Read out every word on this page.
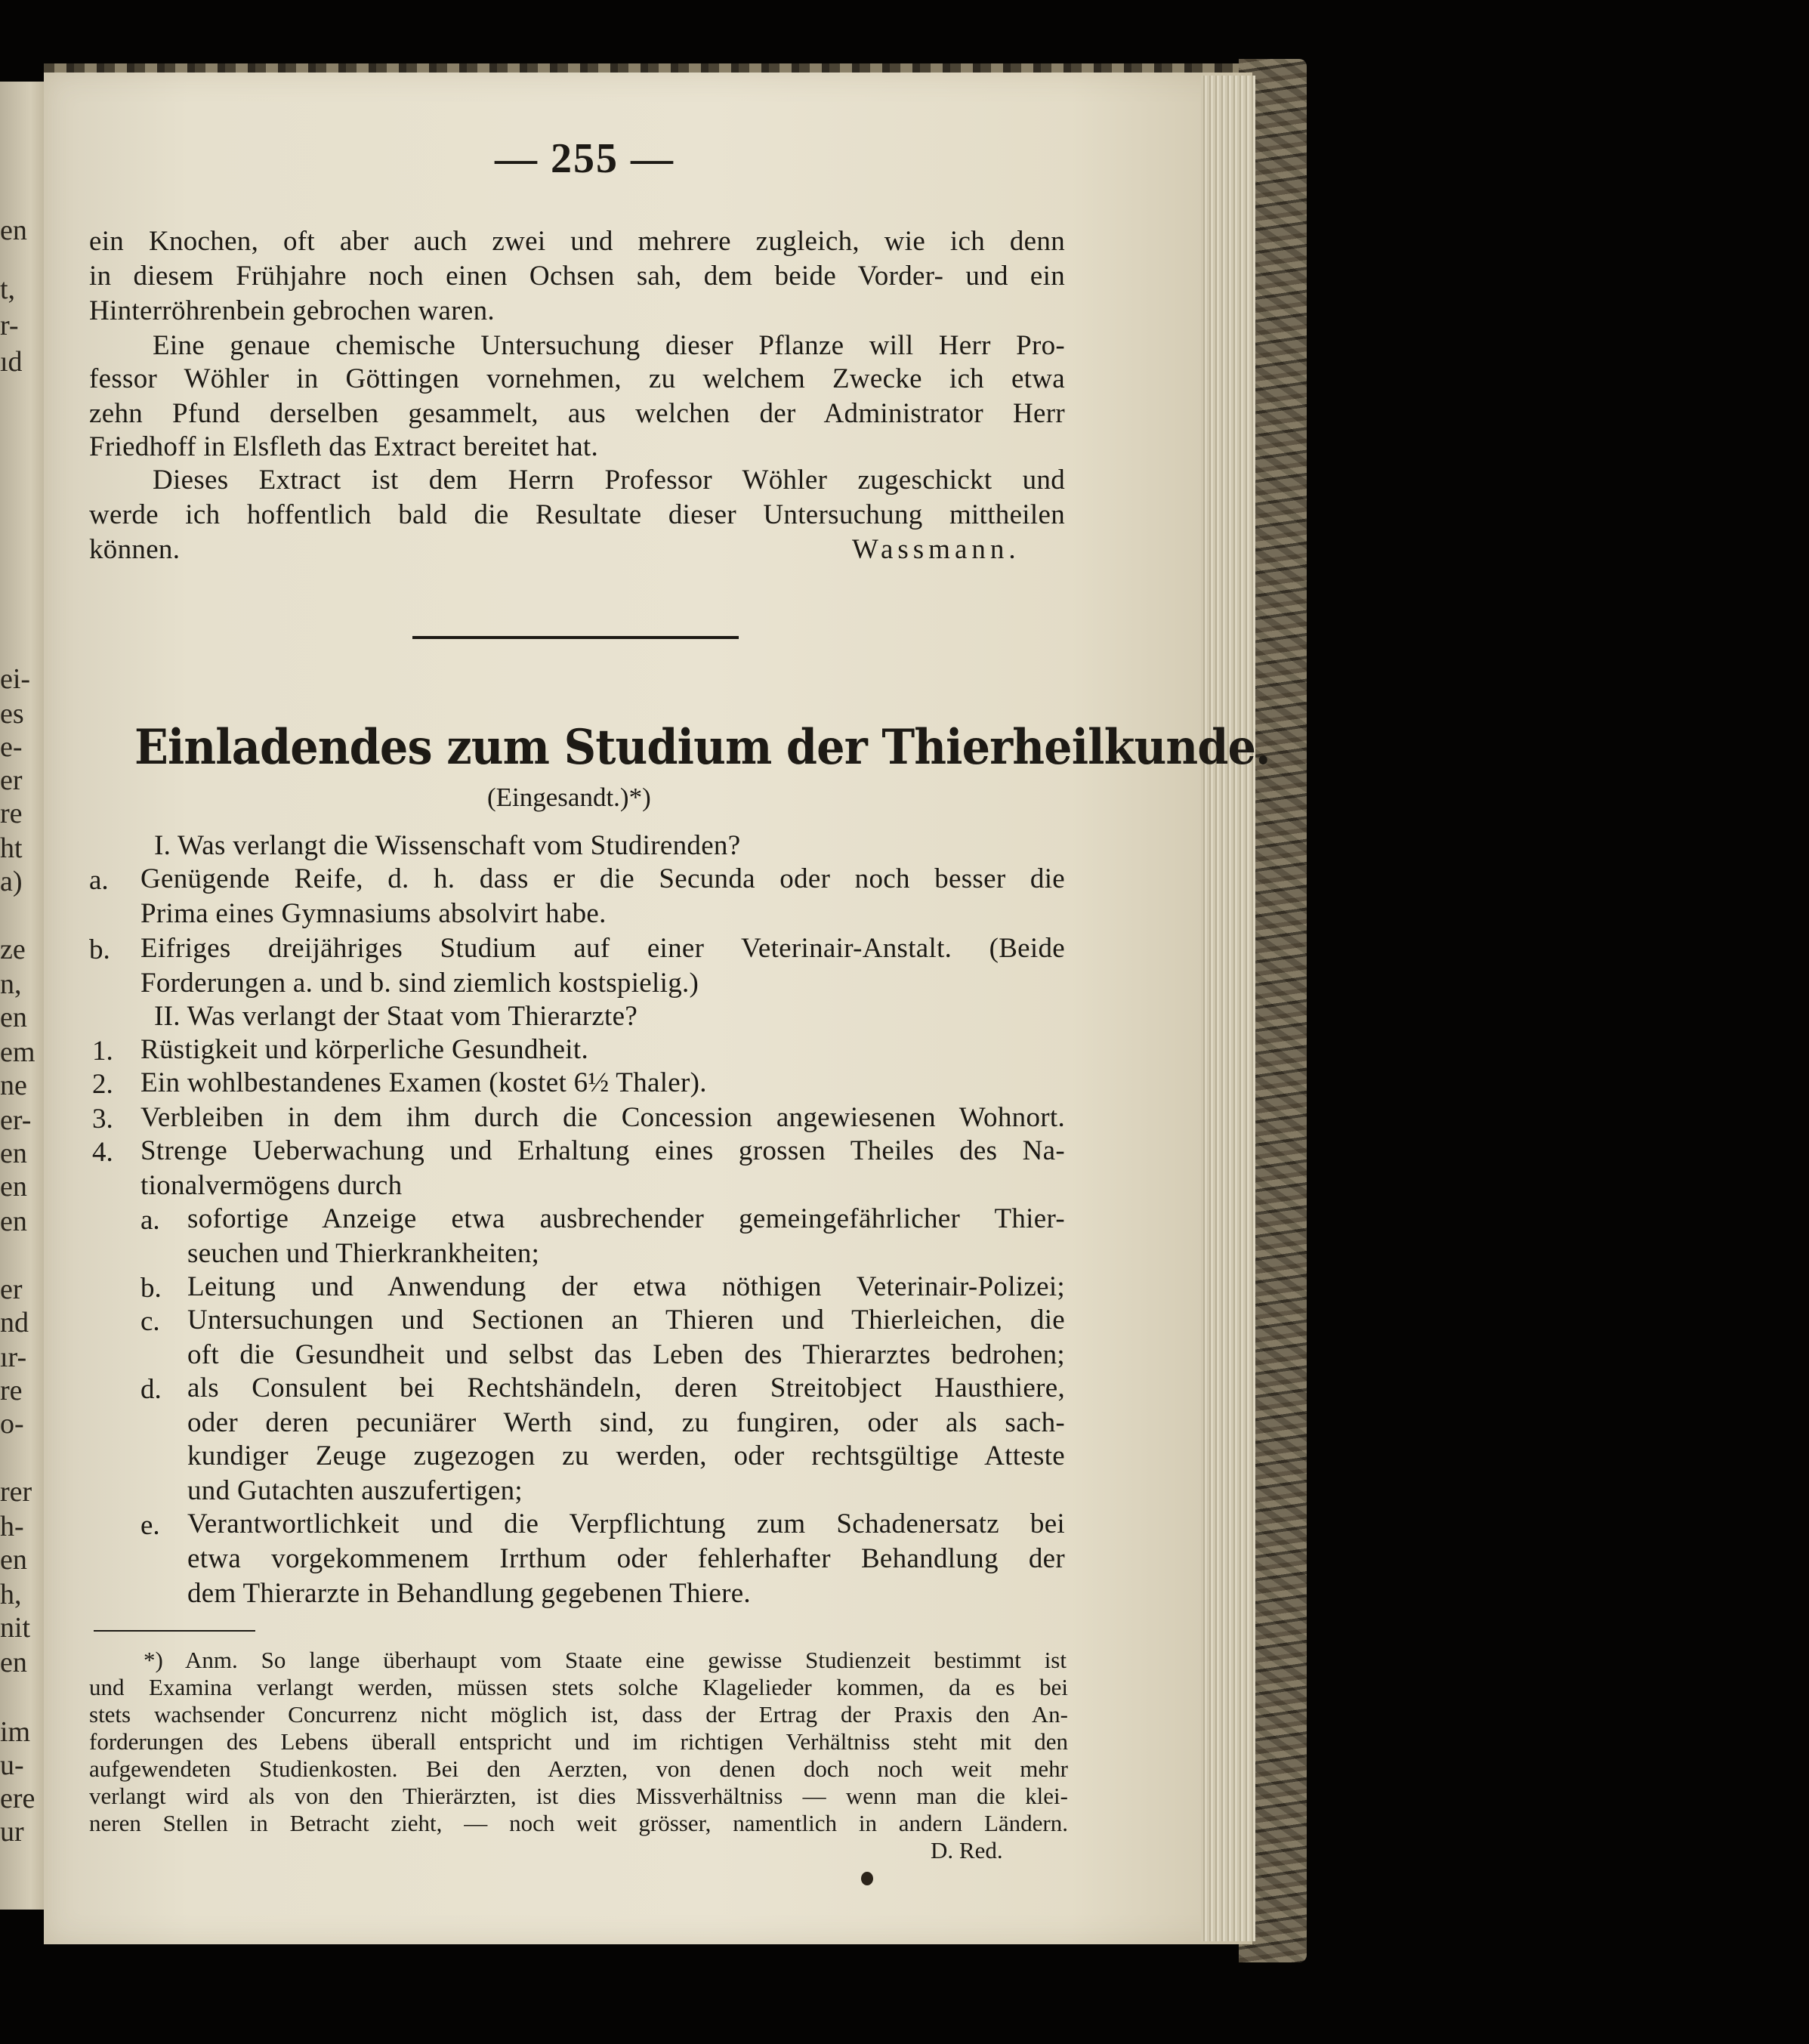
en
t,
r-
ıd
ei-
es
e-
er
re
ht
a)
ze
n,
en
em
ne
er-
en
en
en
er
nd
ır-
re
o-
rer
h-
en
h,
nit
en
im
u-
ere
ur
— 255 —
ein Knochen, oft aber auch zwei und mehrere zugleich, wie ich denn
in diesem Frühjahre noch einen Ochsen sah, dem beide Vorder- und ein
Hinterröhrenbein gebrochen waren.
Eine genaue chemische Untersuchung dieser Pflanze will Herr Pro-
fessor Wöhler in Göttingen vornehmen, zu welchem Zwecke ich etwa
zehn Pfund derselben gesammelt, aus welchen der Administrator Herr
Friedhoff in Elsfleth das Extract bereitet hat.
Dieses Extract ist dem Herrn Professor Wöhler zugeschickt und
werde ich hoffentlich bald die Resultate dieser Untersuchung mittheilen
können.	Wassmann.
Einladendes zum Studium der Thierheilkunde.
(Eingesandt.)*)
I. Was verlangt die Wissenschaft vom Studirenden?
a. Genügende Reife, d. h. dass er die Secunda oder noch besser die
Prima eines Gymnasiums absolvirt habe.
b. Eifriges dreijähriges Studium auf einer Veterinair-Anstalt. (Beide
Forderungen a. und b. sind ziemlich kostspielig.)
II. Was verlangt der Staat vom Thierarzte?
1. Rüstigkeit und körperliche Gesundheit.
2. Ein wohlbestandenes Examen (kostet 6½ Thaler).
3. Verbleiben in dem ihm durch die Concession angewiesenen Wohnort.
4. Strenge Ueberwachung und Erhaltung eines grossen Theiles des Na-
tionalvermögens durch
a. sofortige Anzeige etwa ausbrechender gemeingefährlicher Thier-
seuchen und Thierkrankheiten;
b. Leitung und Anwendung der etwa nöthigen Veterinair-Polizei;
c. Untersuchungen und Sectionen an Thieren und Thierleichen, die
oft die Gesundheit und selbst das Leben des Thierarztes bedrohen;
d. als Consulent bei Rechtshändeln, deren Streitobject Hausthiere,
oder deren pecuniärer Werth sind, zu fungiren, oder als sach-
kundiger Zeuge zugezogen zu werden, oder rechtsgültige Atteste
und Gutachten auszufertigen;
e. Verantwortlichkeit und die Verpflichtung zum Schadenersatz bei
etwa vorgekommenem Irrthum oder fehlerhafter Behandlung der
dem Thierarzte in Behandlung gegebenen Thiere.
*) Anm. So lange überhaupt vom Staate eine gewisse Studienzeit bestimmt ist
und Examina verlangt werden, müssen stets solche Klagelieder kommen, da es bei
stets wachsender Concurrenz nicht möglich ist, dass der Ertrag der Praxis den An-
forderungen des Lebens überall entspricht und im richtigen Verhältniss steht mit den
aufgewendeten Studienkosten. Bei den Aerzten, von denen doch noch weit mehr
verlangt wird als von den Thierärzten, ist dies Missverhältniss — wenn man die klei-
neren Stellen in Betracht zieht, — noch weit grösser, namentlich in andern Ländern.
D. Red.
